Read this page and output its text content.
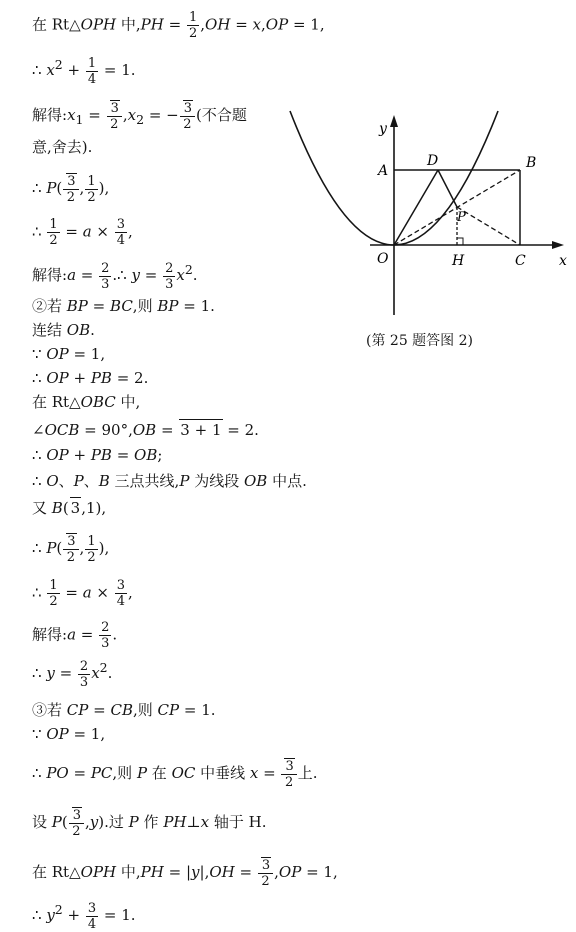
在 Rt△OPH 中$,PH = \frac{1}{2} ,OH = x,OP = 1$,
∴ $x^2 + \frac{1}{4} = 1$.
解得$:x_1 = \frac{3}{2} ,x_2$ = − $\frac{3}{2}$ (不合题
意,舍去).
∴ $P( \frac{3}{2}$ , $\frac{1}{2}$ ),
∴ $\frac{1}{2} = a \times \frac{3}{4}$ ,
解得:a = $\frac{2}{3}$ .∴ $y = \frac{2}{3} x^2$.
②若 BP = BC,则 BP = 1.
连结 OB.
∵ OP = 1,
∴ OP + PB = 2.
在 Rt△OBC 中,
∠OCB = 90°,OB = 3 + 1 = 2.
∴ OP + PB = OB;
∴ O、P、B 三点共线,P 为线段 OB 中点.
又 B( 3,1),
∴ $P( \frac{3}{2}$ , $\frac{1}{2}$ ),
∴ $\frac{1}{2} = a \times \frac{3}{4}$ ,
解得:a = $\frac{2}{3}$ .
∴ $y = \frac{2}{3} x^2$.
③若 CP = CB,则 CP = 1.
∵ OP = 1,
∴ PO = PC,则 P 在 OC 中垂线 $x = \frac{3}{2}$ 上.
设 $P( \frac{3}{2} ,y)$.过 P 作 PH⊥x 轴于 H.
在 Rt△OPH 中$,PH = |y|,OH = \frac{3}{2} ,OP = 1$,
∴ $y^2 + \frac{3}{4} = 1$.
y
x
A
D	B
P
O	H	C
(第 25 题答图 2)
